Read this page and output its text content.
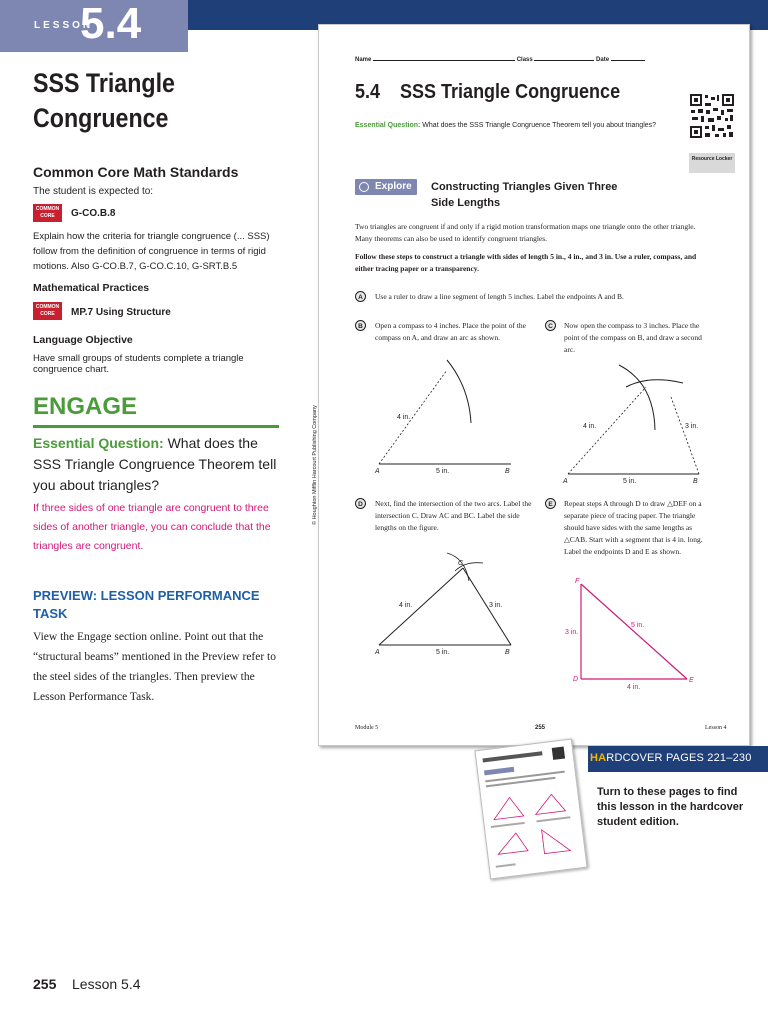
LESSON
5.4
SSS Triangle Congruence
Common Core Math Standards
The student is expected to:
COMMON CORE	G-CO.B.8
Explain how the criteria for triangle congruence (... SSS) follow from the definition of congruence in terms of rigid motions. Also G-CO.B.7, G-CO.C.10, G-SRT.B.5
Mathematical Practices
COMMON CORE	MP.7 Using Structure
Language Objective
Have small groups of students complete a triangle congruence chart.
ENGAGE
Essential Question: What does the SSS Triangle Congruence Theorem tell you about triangles?
If three sides of one triangle are congruent to three sides of another triangle, you can conclude that the triangles are congruent.
PREVIEW: LESSON PERFORMANCE TASK
View the Engage section online. Point out that the “structural beams” mentioned in the Preview refer to the steel sides of the triangles. Then preview the Lesson Performance Task.
255 Lesson 5.4
Name	Class	Date
5.4    SSS Triangle Congruence
Essential Question: What does the SSS Triangle Congruence Theorem tell you about triangles?
Resource Locker
Explore	Constructing Triangles Given Three Side Lengths
Two triangles are congruent if and only if a rigid motion transformation maps one triangle onto the other triangle. Many theorems can also be used to identify congruent triangles.
Follow these steps to construct a triangle with sides of length 5 in., 4 in., and 3 in. Use a ruler, compass, and either tracing paper or a transparency.
A	Use a ruler to draw a line segment of length 5 inches. Label the endpoints A and B.
B	Open a compass to 4 inches. Place the point of the compass on A, and draw an arc as shown.
C	Now open the compass to 3 inches. Place the point of the compass on B, and draw a second arc.
D	Next, find the intersection of the two arcs. Label the intersection C. Draw AC and BC. Label the side lengths on the figure.
E	Repeat steps A through D to draw △DEF on a separate piece of tracing paper. The triangle should have sides with the same lengths as △CAB. Start with a segment that is 4 in. long. Label the endpoints D and E as shown.
A	B
5 in.
4 in.
A	B
5 in.
4 in.	3 in.
A	B
C
5 in.
4 in.	3 in.
F
D	E
3 in.
5 in.
4 in.
© Houghton Mifflin Harcourt Publishing Company
Module 5	255	Lesson 4
HARDCOVER PAGES 221–230
Turn to these pages to find this lesson in the hardcover student edition.
